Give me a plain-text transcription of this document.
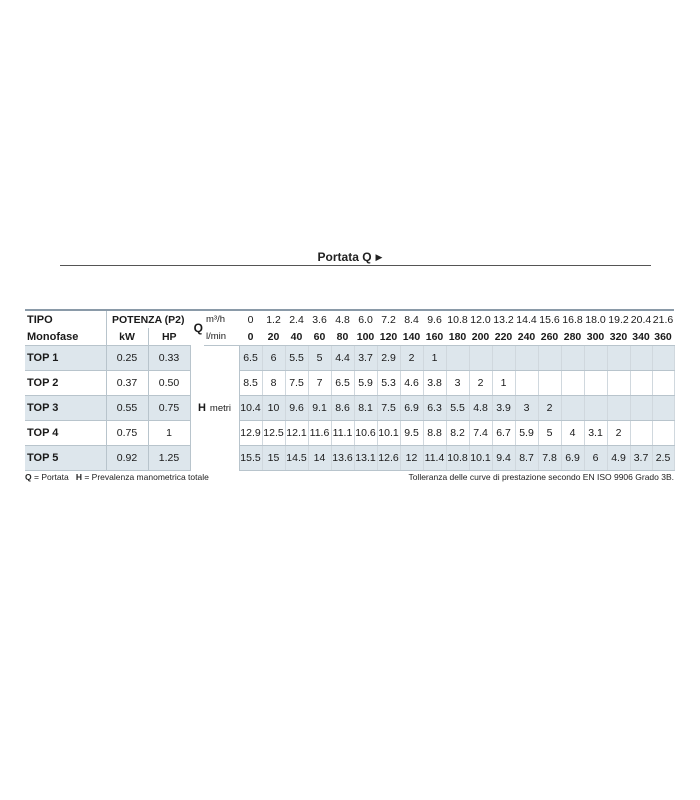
Portata Q ▶
TIPO	POTENZA (P2)		Q	m³/h	0	1.2	2.4	3.6	4.8	6.0	7.2	8.4	9.6	10.8	12.0	13.2	14.4	15.6	16.8	18.0	19.2	20.4	21.6
Monofase	kW	HP		l/min	0	20	40	60	80	100	120	140	160	180	200	220	240	260	280	300	320	340	360
TOP 1	0.25	0.33	H metri		6.5	6	5.5	5	4.4	3.7	2.9	2	1										
TOP 2	0.37	0.50			8.5	8	7.5	7	6.5	5.9	5.3	4.6	3.8	3	2	1							
TOP 3	0.55	0.75			10.4	10	9.6	9.1	8.6	8.1	7.5	6.9	6.3	5.5	4.8	3.9	3	2					
TOP 4	0.75	1			12.9	12.5	12.1	11.6	11.1	10.6	10.1	9.5	8.8	8.2	7.4	6.7	5.9	5	4	3.1	2		
TOP 5	0.92	1.25			15.5	15	14.5	14	13.6	13.1	12.6	12	11.4	10.8	10.1	9.4	8.7	7.8	6.9	6	4.9	3.7	2.5
Q = Portata H = Prevalenza manometrica totale	Tolleranza delle curve di prestazione secondo EN ISO 9906 Grado 3B.
